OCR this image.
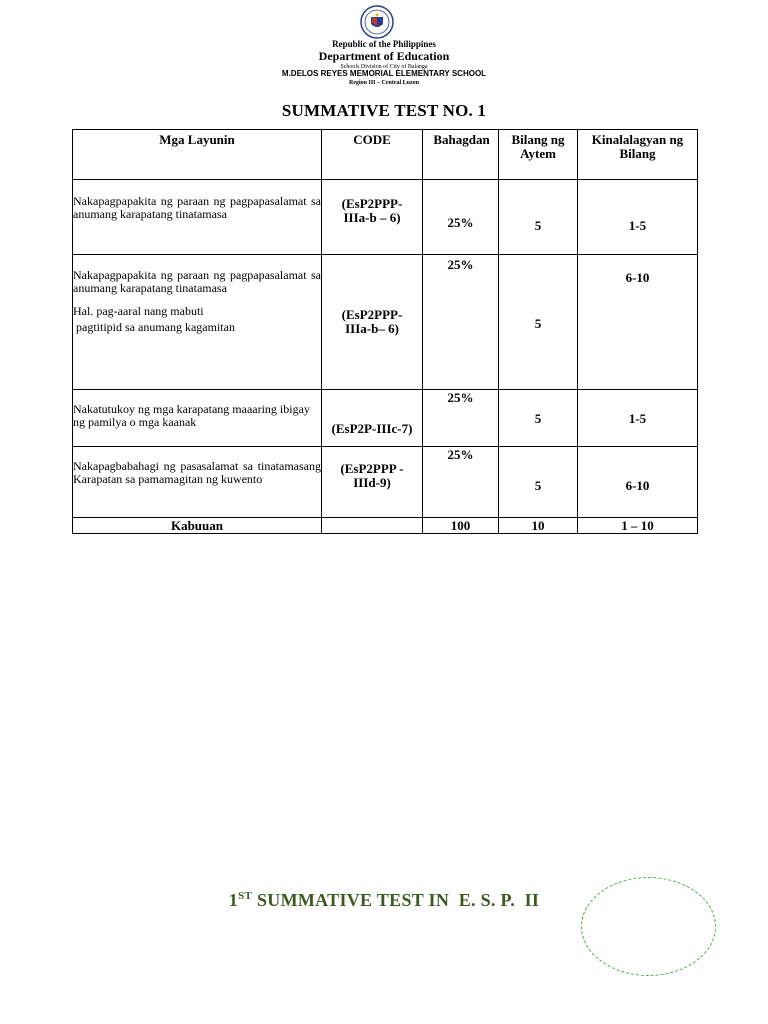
Republic of the Philippines
Department of Education
Schools Division of City of Balanga
M.DELOS REYES MEMORIAL ELEMENTARY SCHOOL
Region III – Central Luzon
SUMMATIVE TEST NO. 1
Mga Layunin	CODE	Bahagdan	Bilang ng Aytem	Kinalalagyan ng Bilang

Nakapagpapakita ng paraan ng pagpapasalamat sa anumang karapatang tinatamasa	(EsP2PPP-IIIa-b – 6)	25%	5	1-5

Nakapagpapakita ng paraan ng pagpapasalamat sa anumang karapatang tinatamasa

Hal. pag-aaral nang mabuti

pagtitipid sa anumang kagamitan	(EsP2PPP-IIIa-b– 6)	25%	5	6-10

Nakatutukoy ng mga karapatang maaaring ibigay ng pamilya o mga kaanak	(EsP2P-IIIc-7)	25%	5	1-5

Nakapagbabahagi ng pasasalamat sa tinatamasang Karapatan sa pamamagitan ng kuwento	(EsP2PPP - IIId-9)	25%	5	6-10
Kabuuan		100	10	1 – 10
1ST SUMMATIVE TEST IN  E. S. P.  II
